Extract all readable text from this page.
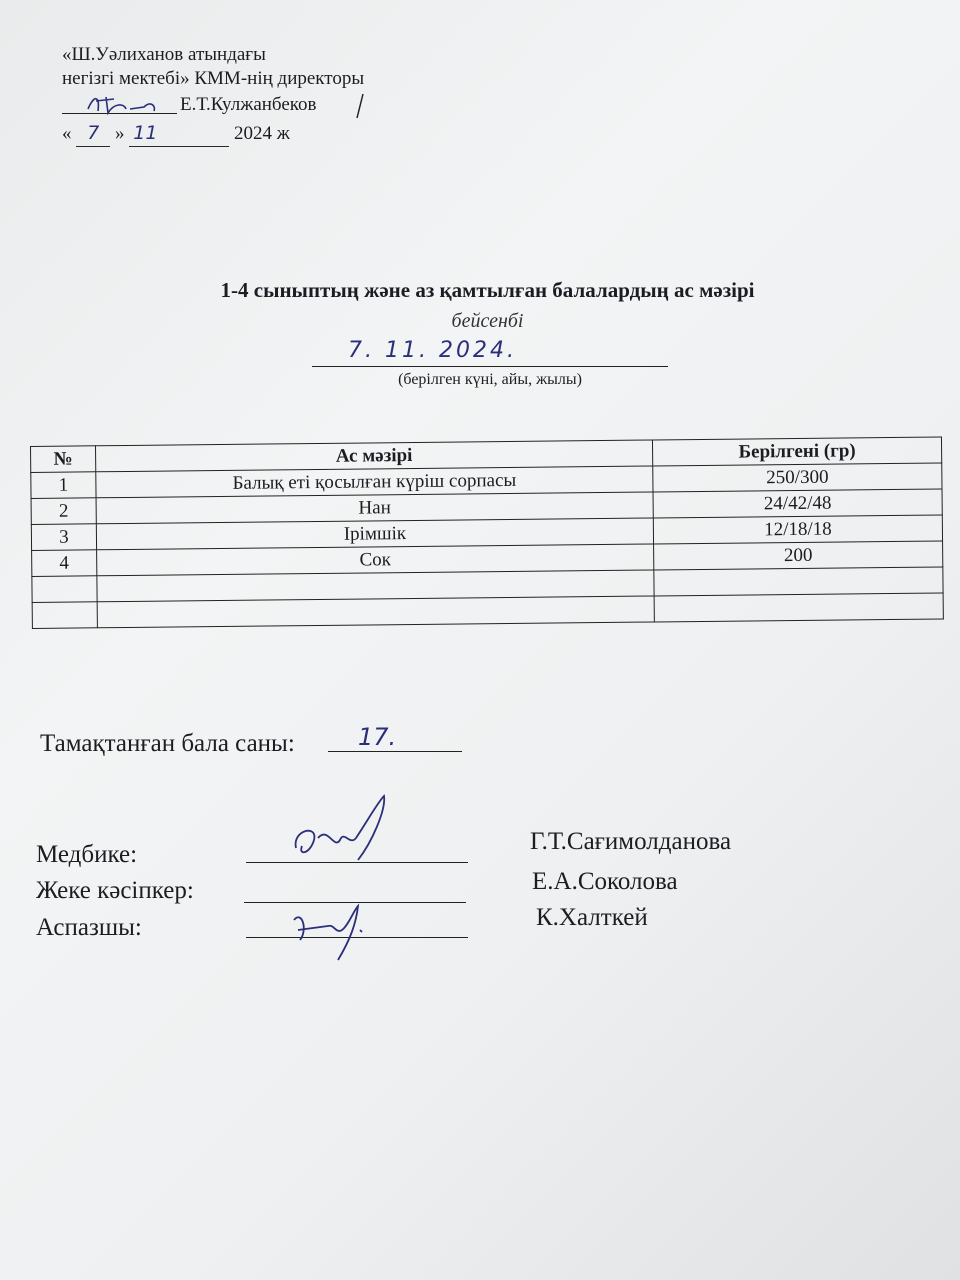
«Ш.Уәлиханов атындағы
негізгі мектебі» КММ-нің директоры
Е.Т.Кулжанбеков
« 7 » 11	2024 ж
1-4 сыныптың және аз қамтылған балалардың ас мәзірі
бейсенбі
7. 11. 2024.
(берілген күні, айы, жылы)
№	Ас мәзірі	Берілгені (гр)
1	Балық еті қосылған күріш сорпасы	250/300
2	Нан	24/42/48
3	Ірімшік	12/18/18
4	Сок	200

Тамақтанған бала саны:	17.
Медбике:	Г.Т.Сағимолданова
Жеке кәсіпкер:	Е.А.Соколова
Аспазшы:	К.Халткей
